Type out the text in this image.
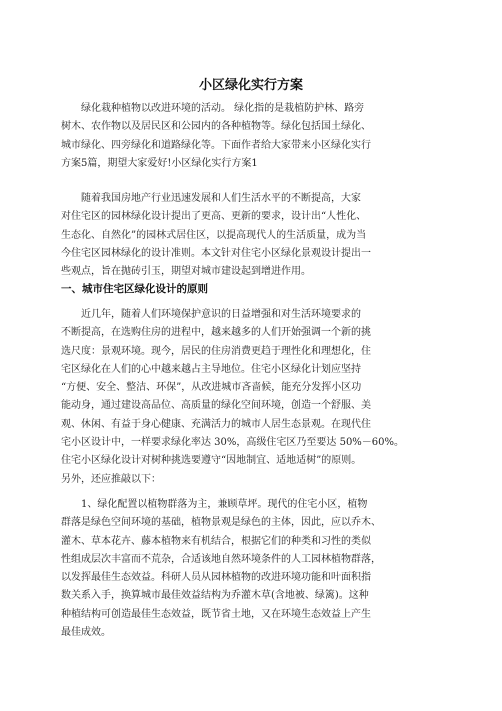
小区绿化实行方案
绿化栽种植物以改进环境的活动。 绿化指的是栽植防护林、路旁
树木、农作物以及居民区和公园内的各种植物等。绿化包括国土绿化、
城市绿化、四旁绿化和道路绿化等。下面作者给大家带来小区绿化实行
方案5篇，期望大家爱好!小区绿化实行方案1
随着我国房地产行业迅速发展和人们生活水平的不断提高，大家
对住宅区的园林绿化设计提出了更高、更新的要求，设计出“人性化、
生态化、自然化”的园林式居住区，以提高现代人的生活质量，成为当
今住宅区园林绿化的设计准则。本文针对住宅小区绿化景观设计提出一
些观点，旨在抛砖引玉，期望对城市建设起到增进作用。
一、城市住宅区绿化设计的原则
近几年，随着人们环境保护意识的日益增强和对生活环境要求的
不断提高，在选购住房的进程中，越来越多的人们开始强调一个新的挑
选尺度：景观环境。现今，居民的住房消费更趋于理性化和理想化，住
宅区绿化在人们的心中越来越占主导地位。住宅小区绿化计划应坚持
“方便、安全、整洁、环保”，从改进城市吝啬候，能充分发挥小区功
能动身，通过建设高品位、高质量的绿化空间环境，创造一个舒服、美
观、休闲、有益于身心健康、充满活力的城市人居生态景观。在现代住
宅小区设计中，一样要求绿化率达 30%，高级住宅区乃至要达 50%－60%。
住宅小区绿化设计对树种挑选要遵守“因地制宜、适地适树”的原则。
另外，还应推敲以下：
1、绿化配置以植物群落为主，兼顾草坪。现代的住宅小区，植物
群落是绿色空间环境的基础，植物景观是绿色的主体，因此，应以乔木、
灌木、草本花卉、藤本植物来有机结合，根据它们的种类和习性的类似
性组成层次丰富而不荒杂，合适该地自然环境条件的人工园林植物群落，
以发挥最佳生态效益。科研人员从园林植物的改进环境功能和叶面积指
数关系入手，换算城市最佳效益结构为乔灌木草(含地被、绿篱)。这种
种植结构可创造最佳生态效益，既节省土地，又在环境生态效益上产生
最佳成效。
